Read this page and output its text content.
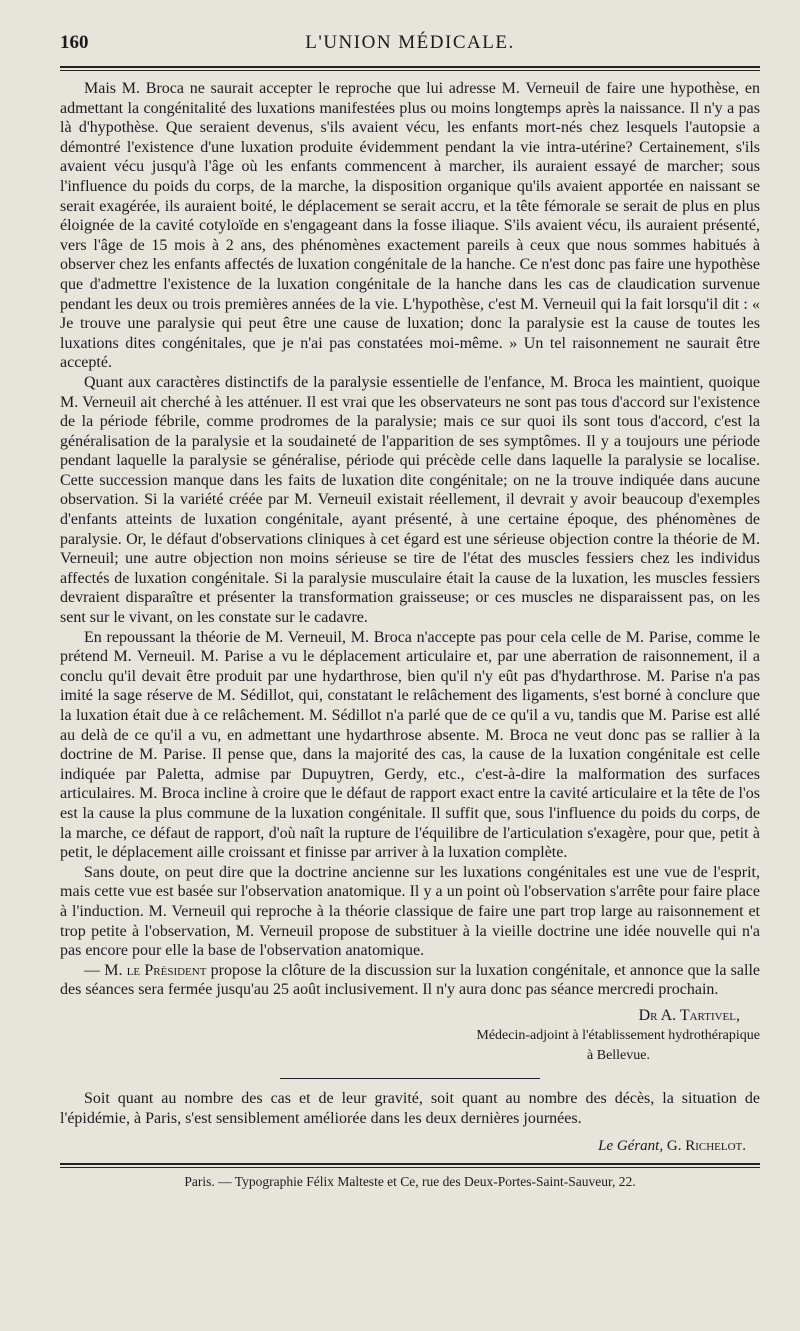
160	L'UNION MÉDICALE.

Mais M. Broca ne saurait accepter le reproche que lui adresse M. Verneuil de faire une hypothèse, en admettant la congénitalité des luxations manifestées plus ou moins longtemps après la naissance. Il n'y a pas là d'hypothèse. Que seraient devenus, s'ils avaient vécu, les enfants mort-nés chez lesquels l'autopsie a démontré l'existence d'une luxation produite évidemment pendant la vie intra-utérine? Certainement, s'ils avaient vécu jusqu'à l'âge où les enfants commencent à marcher, ils auraient essayé de marcher; sous l'influence du poids du corps, de la marche, la disposition organique qu'ils avaient apportée en naissant se serait exagérée, ils auraient boité, le déplacement se serait accru, et la tête fémorale se serait de plus en plus éloignée de la cavité cotyloïde en s'engageant dans la fosse iliaque. S'ils avaient vécu, ils auraient présenté, vers l'âge de 15 mois à 2 ans, des phénomènes exactement pareils à ceux que nous sommes habitués à observer chez les enfants affectés de luxation congénitale de la hanche. Ce n'est donc pas faire une hypothèse que d'admettre l'existence de la luxation congénitale de la hanche dans les cas de claudication survenue pendant les deux ou trois premières années de la vie. L'hypothèse, c'est M. Verneuil qui la fait lorsqu'il dit : « Je trouve une paralysie qui peut être une cause de luxation; donc la paralysie est la cause de toutes les luxations dites congénitales, que je n'ai pas constatées moi-même. » Un tel raisonnement ne saurait être accepté.

Quant aux caractères distinctifs de la paralysie essentielle de l'enfance, M. Broca les maintient, quoique M. Verneuil ait cherché à les atténuer. Il est vrai que les observateurs ne sont pas tous d'accord sur l'existence de la période fébrile, comme prodromes de la paralysie; mais ce sur quoi ils sont tous d'accord, c'est la généralisation de la paralysie et la soudaineté de l'apparition de ses symptômes. Il y a toujours une période pendant laquelle la paralysie se généralise, période qui précède celle dans laquelle la paralysie se localise. Cette succession manque dans les faits de luxation dite congénitale; on ne la trouve indiquée dans aucune observation. Si la variété créée par M. Verneuil existait réellement, il devrait y avoir beaucoup d'exemples d'enfants atteints de luxation congénitale, ayant présenté, à une certaine époque, des phénomènes de paralysie. Or, le défaut d'observations cliniques à cet égard est une sérieuse objection contre la théorie de M. Verneuil; une autre objection non moins sérieuse se tire de l'état des muscles fessiers chez les individus affectés de luxation congénitale. Si la paralysie musculaire était la cause de la luxation, les muscles fessiers devraient disparaître et présenter la transformation graisseuse; or ces muscles ne disparaissent pas, on les sent sur le vivant, on les constate sur le cadavre.

En repoussant la théorie de M. Verneuil, M. Broca n'accepte pas pour cela celle de M. Parise, comme le prétend M. Verneuil. M. Parise a vu le déplacement articulaire et, par une aberration de raisonnement, il a conclu qu'il devait être produit par une hydarthrose, bien qu'il n'y eût pas d'hydarthrose. M. Parise n'a pas imité la sage réserve de M. Sédillot, qui, constatant le relâchement des ligaments, s'est borné à conclure que la luxation était due à ce relâchement. M. Sédillot n'a parlé que de ce qu'il a vu, tandis que M. Parise est allé au delà de ce qu'il a vu, en admettant une hydarthrose absente. M. Broca ne veut donc pas se rallier à la doctrine de M. Parise. Il pense que, dans la majorité des cas, la cause de la luxation congénitale est celle indiquée par Paletta, admise par Dupuytren, Gerdy, etc., c'est-à-dire la malformation des surfaces articulaires. M. Broca incline à croire que le défaut de rapport exact entre la cavité articulaire et la tête de l'os est la cause la plus commune de la luxation congénitale. Il suffit que, sous l'influence du poids du corps, de la marche, ce défaut de rapport, d'où naît la rupture de l'équilibre de l'articulation s'exagère, pour que, petit à petit, le déplacement aille croissant et finisse par arriver à la luxation complète.

Sans doute, on peut dire que la doctrine ancienne sur les luxations congénitales est une vue de l'esprit, mais cette vue est basée sur l'observation anatomique. Il y a un point où l'observation s'arrête pour faire place à l'induction. M. Verneuil qui reproche à la théorie classique de faire une part trop large au raisonnement et trop petite à l'observation, M. Verneuil propose de substituer à la vieille doctrine une idée nouvelle qui n'a pas encore pour elle la base de l'observation anatomique.

— M. le Président propose la clôture de la discussion sur la luxation congénitale, et annonce que la salle des séances sera fermée jusqu'au 25 août inclusivement. Il n'y aura donc pas séance mercredi prochain.

Dr A. Tartivel,
Médecin-adjoint à l'établissement hydrothérapique
à Bellevue.

Soit quant au nombre des cas et de leur gravité, soit quant au nombre des décès, la situation de l'épidémie, à Paris, s'est sensiblement améliorée dans les deux dernières journées.

Le Gérant, G. Richelot.
Paris. — Typographie Félix Malteste et Ce, rue des Deux-Portes-Saint-Sauveur, 22.
